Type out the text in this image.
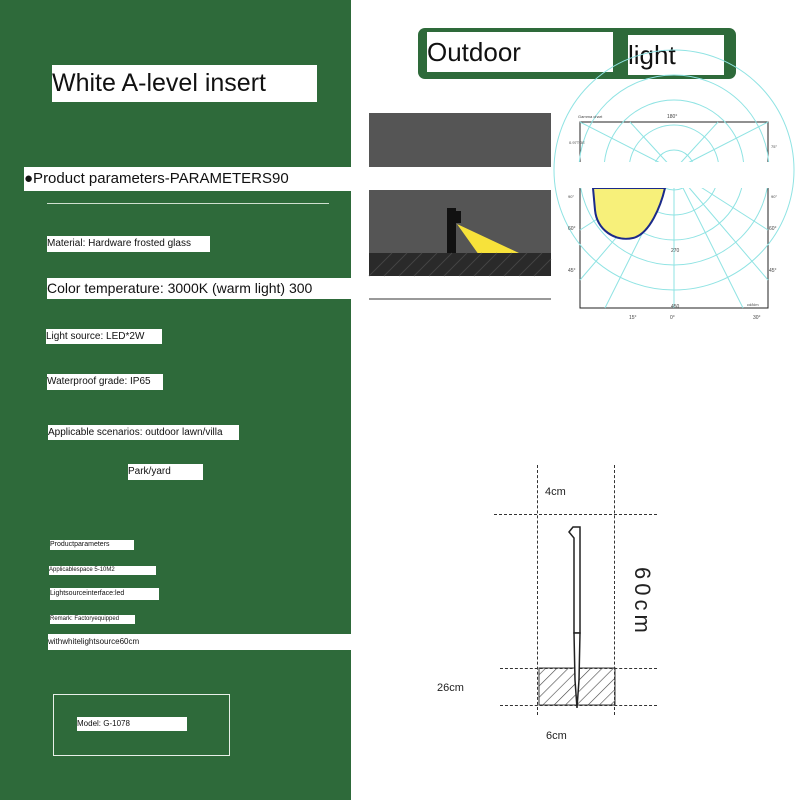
White A-level insert
●Product parameters-PARAMETERS90
Material: Hardware frosted glass
Color temperature: 3000K (warm light) 300
Light source: LED*2W
Waterproof grade: IP65
Applicable scenarios: outdoor lawn/villa
Park/yard
Productparameters
Applicablespace 5-10M2
Lightsourceinterface:led
Remark: Factoryequipped
withwhitelightsource60cm
Model: G-1078
Outdoor	light
Gamma chart	180°
0.97TOE
90°
60°
45°
75°
90°
60°
45°
270
450	cd/klm
15°	0°	30°
4cm
60cm
26cm
6cm
